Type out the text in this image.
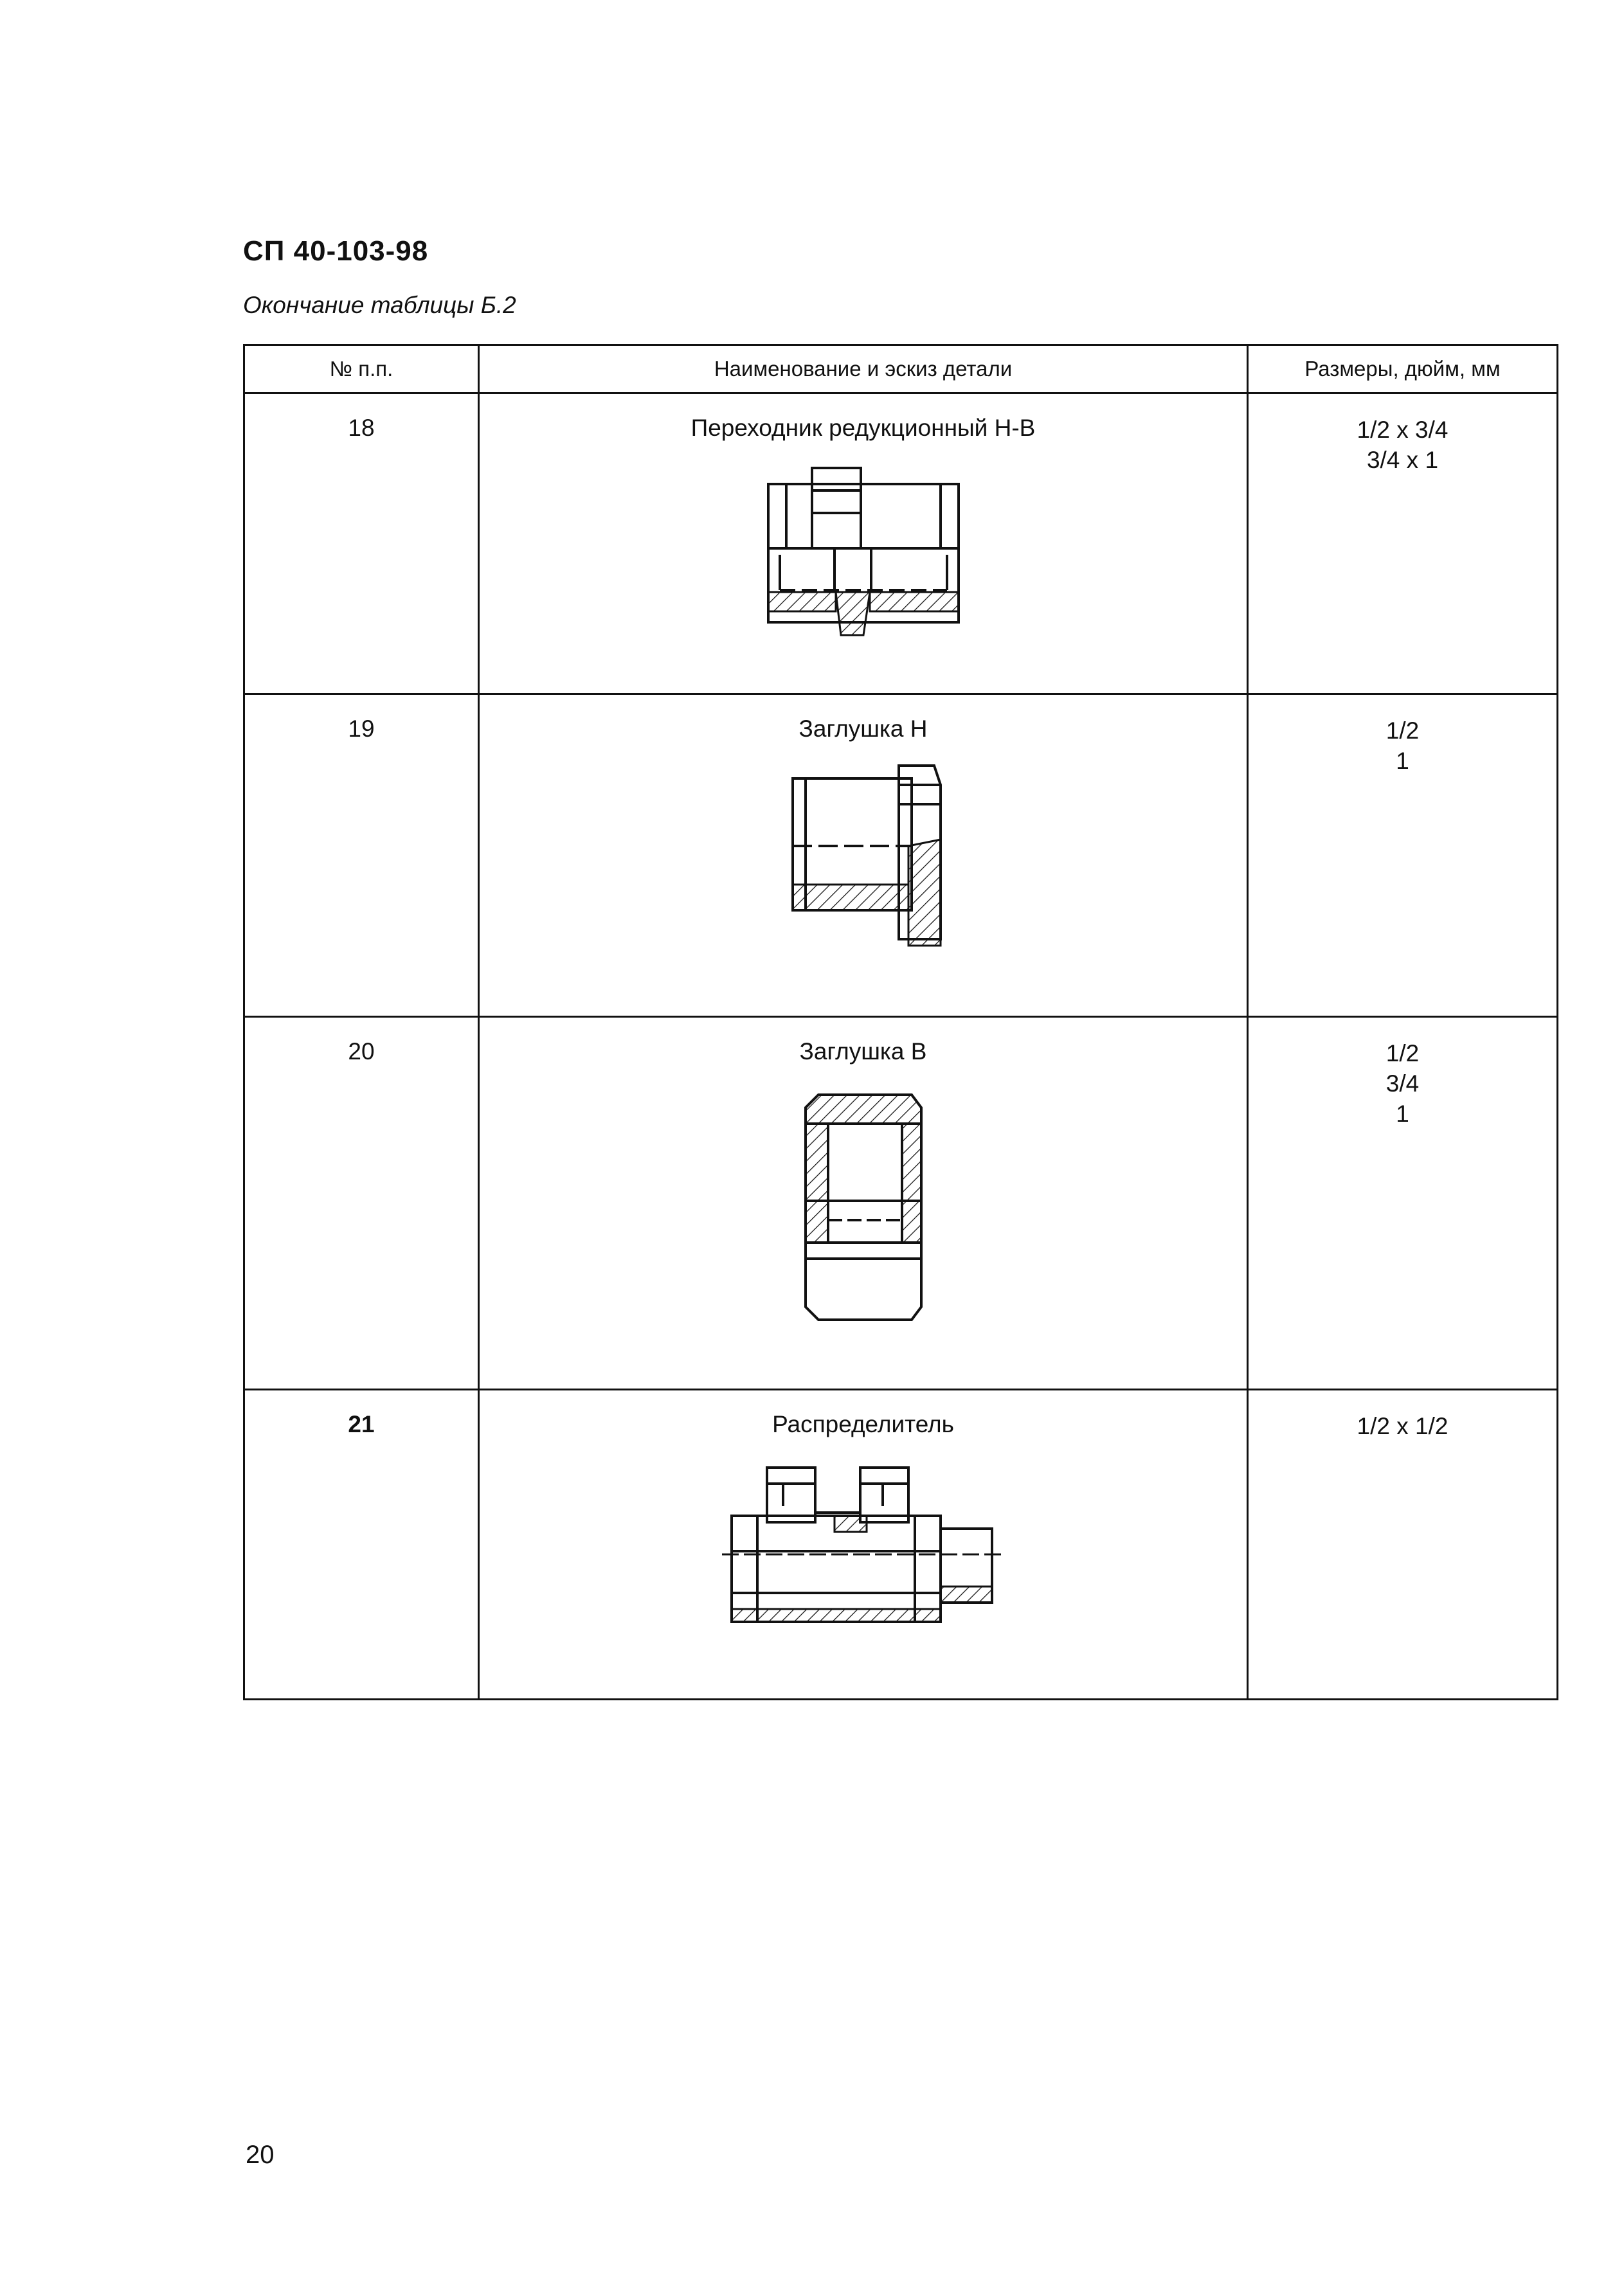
СП 40-103-98
Окончание таблицы Б.2
№ п.п.	Наименование и эскиз детали	Размеры, дюйм, мм
18	Переходник редукционный Н-В	1/2 х 3/4
3/4 х 1

19	Заглушка Н	1/2
1

20	Заглушка В	1/2
3/4
1

21	Распределитель	1/2 х 1/2
20
